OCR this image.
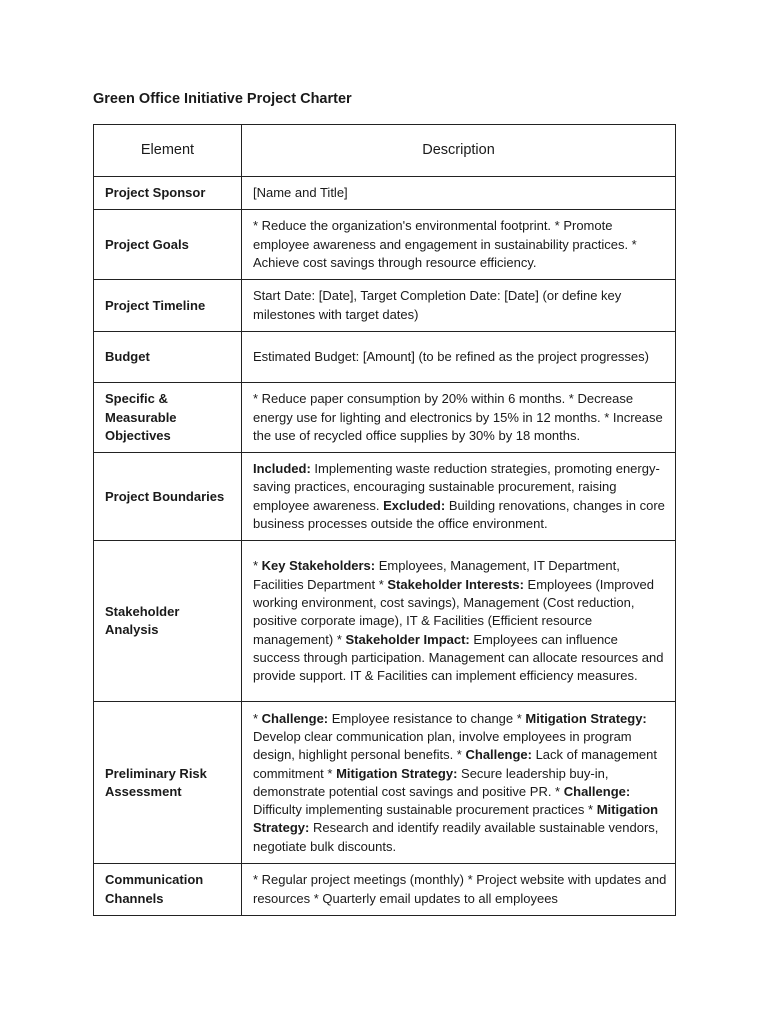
Green Office Initiative Project Charter
Element	Description
Project Sponsor	[Name and Title]
Project Goals	* Reduce the organization's environmental footprint. * Promote employee awareness and engagement in sustainability practices. * Achieve cost savings through resource efficiency.
Project Timeline	Start Date: [Date], Target Completion Date: [Date] (or define key milestones with target dates)
Budget	Estimated Budget: [Amount] (to be refined as the project progresses)
Specific & Measurable Objectives	* Reduce paper consumption by 20% within 6 months. * Decrease energy use for lighting and electronics by 15% in 12 months. * Increase the use of recycled office supplies by 30% by 18 months.
Project Boundaries	Included: Implementing waste reduction strategies, promoting energy-saving practices, encouraging sustainable procurement, raising employee awareness. Excluded: Building renovations, changes in core business processes outside the office environment.
Stakeholder Analysis	* Key Stakeholders: Employees, Management, IT Department, Facilities Department * Stakeholder Interests: Employees (Improved working environment, cost savings), Management (Cost reduction, positive corporate image), IT & Facilities (Efficient resource management) * Stakeholder Impact: Employees can influence success through participation. Management can allocate resources and provide support. IT & Facilities can implement efficiency measures.
Preliminary Risk Assessment	* Challenge: Employee resistance to change * Mitigation Strategy: Develop clear communication plan, involve employees in program design, highlight personal benefits. * Challenge: Lack of management commitment * Mitigation Strategy: Secure leadership buy-in, demonstrate potential cost savings and positive PR. * Challenge: Difficulty implementing sustainable procurement practices * Mitigation Strategy: Research and identify readily available sustainable vendors, negotiate bulk discounts.
Communication Channels	* Regular project meetings (monthly) * Project website with updates and resources * Quarterly email updates to all employees
